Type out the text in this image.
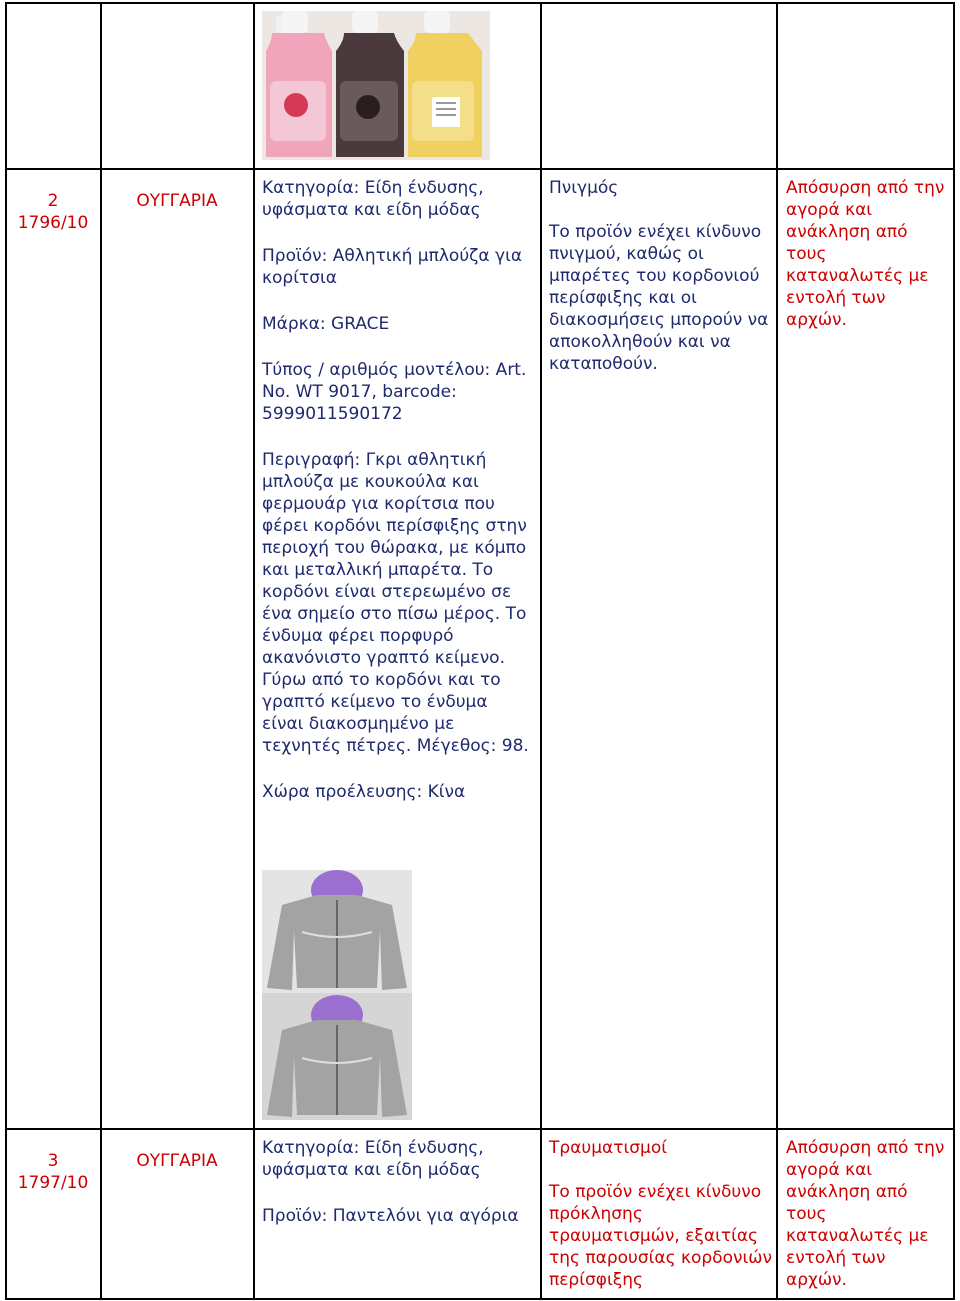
2

1796/10

ΟΥΓΓΑΡΙΑ

Κατηγορία: Είδη ένδυσης, υφάσματα και είδη μόδας

Προϊόν: Αθλητική μπλούζα για κορίτσια

Μάρκα: GRACE

Τύπος / αριθμός μοντέλου: Art. No. WT 9017, barcode: 5999011590172

Περιγραφή: Γκρι αθλητική μπλούζα με κουκούλα και φερμουάρ για κορίτσια που φέρει κορδόνι περίσφιξης στην περιοχή του θώρακα, με κόμπο και μεταλλική μπαρέτα. Το κορδόνι είναι στερεωμένο σε ένα σημείο στο πίσω μέρος. Το ένδυμα φέρει πορφυρό ακανόνιστο γραπτό κείμενο. Γύρω από το κορδόνι και το γραπτό κείμενο το ένδυμα είναι διακοσμημένο με τεχνητές πέτρες. Μέγεθος: 98.

Χώρα προέλευσης: Κίνα

Πνιγμός

Το προϊόν ενέχει κίνδυνο πνιγμού, καθώς οι μπαρέτες του κορδονιού περίσφιξης και οι διακοσμήσεις μπορούν να αποκολληθούν και να καταποθούν.

Απόσυρση από την αγορά και ανάκληση από τους καταναλωτές με εντολή των αρχών.

3

1797/10

ΟΥΓΓΑΡΙΑ

Κατηγορία: Είδη ένδυσης, υφάσματα και είδη μόδας

Προϊόν: Παντελόνι για αγόρια

Τραυματισμοί

Το προϊόν ενέχει κίνδυνο πρόκλησης τραυματισμών, εξαιτίας της παρουσίας κορδονιών περίσφιξης

Απόσυρση από την αγορά και ανάκληση από τους καταναλωτές με εντολή των αρχών.
